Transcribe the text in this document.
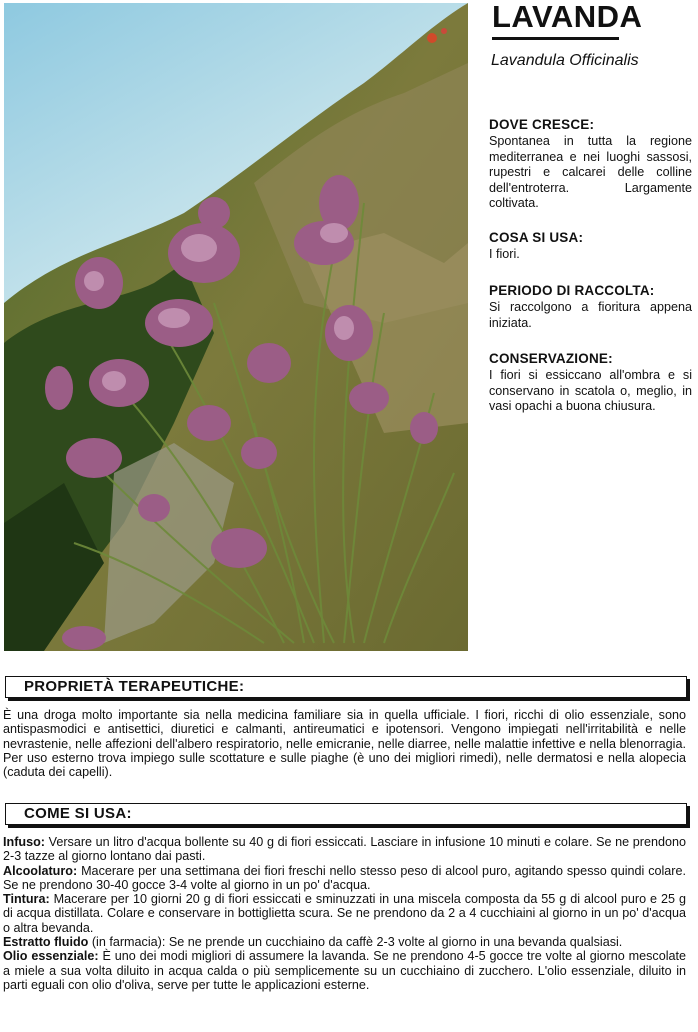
LAVANDA
Lavandula Officinalis
DOVE CRESCE:

Spontanea in tutta la regione mediterranea e nei luoghi sassosi, rupestri e calcarei delle colline dell'entroterra. Largamente coltivata.

COSA SI USA:

I fiori.

PERIODO DI RACCOLTA:

Si raccolgono a fioritura appena iniziata.

CONSERVAZIONE:

I fiori si essiccano all'ombra e si conservano in scatola o, meglio, in vasi opachi a buona chiusura.

PROPRIETÀ TERAPEUTICHE:

È una droga molto importante sia nella medicina familiare sia in quella ufficiale. I fiori, ricchi di olio essenziale, sono antispasmodici e antisettici, diuretici e calmanti, antireumatici e ipotensori. Vengono impiegati nell'irritabilità e nelle nevrastenie, nelle affezioni dell'albero respiratorio, nelle emicranie, nelle diarree, nelle malattie infettive e nella blenorragia. Per uso esterno trova impiego sulle scottature e sulle piaghe (è uno dei migliori rimedi), nelle dermatosi e nella alopecia (caduta dei capelli).

COME SI USA:

Infuso: Versare un litro d'acqua bollente su 40 g di fiori essiccati. Lasciare in infusione 10 minuti e colare. Se ne prendono 2-3 tazze al giorno lontano dai pasti.

Alcoolaturo: Macerare per una settimana dei fiori freschi nello stesso peso di alcool puro, agitando spesso quindi colare. Se ne prendono 30-40 gocce 3-4 volte al giorno in un po' d'acqua.

Tintura: Macerare per 10 giorni 20 g di fiori essiccati e sminuzzati in una miscela composta da 55 g di alcool puro e 25 g di acqua distillata. Colare e conservare in bottiglietta scura. Se ne prendono da 2 a 4 cucchiaini al giorno in un po' d'acqua o altra bevanda.

Estratto fluido (in farmacia): Se ne prende un cucchiaino da caffè 2-3 volte al giorno in una bevanda qualsiasi.

Olio essenziale: È uno dei modi migliori di assumere la lavanda. Se ne prendono 4-5 gocce tre volte al giorno mescolate a miele a sua volta diluito in acqua calda o più semplicemente su un cucchiaino di zucchero. L'olio essenziale, diluito in parti eguali con olio d'oliva, serve per tutte le applicazioni esterne.
